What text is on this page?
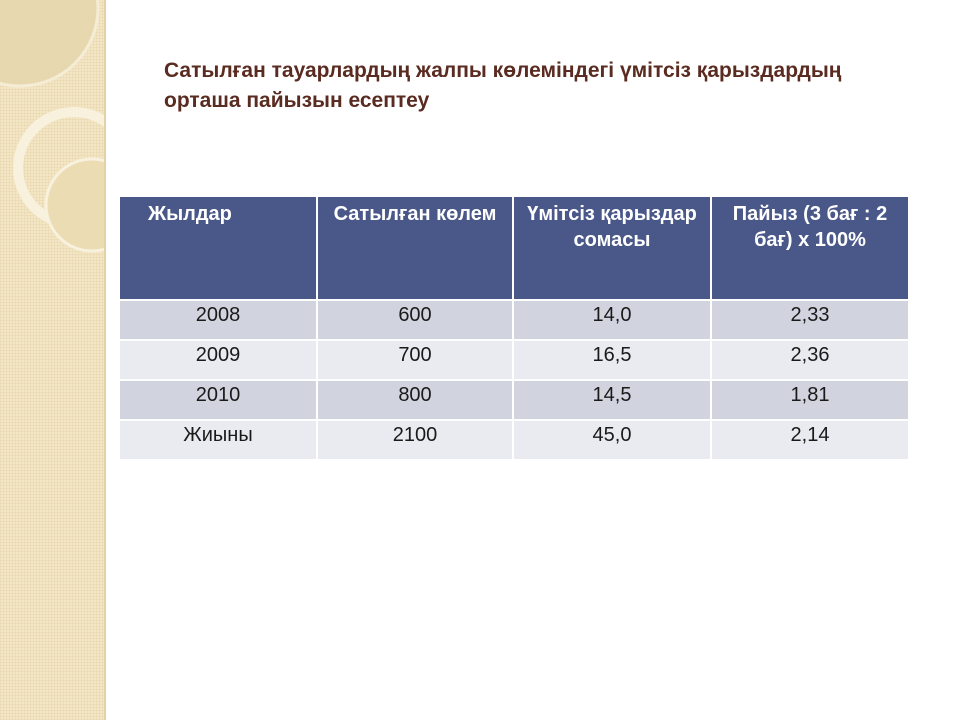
Сатылған тауарлардың жалпы көлеміндегі үмітсіз қарыздардың орташа пайызын есептеу
Жылдар	Сатылған көлем	Үмітсіз қарыздар сомасы	Пайыз (3 бағ : 2 бағ) х 100%
2008	600	14,0	2,33
2009	700	16,5	2,36
2010	800	14,5	1,81
Жиыны	2100	45,0	2,14
